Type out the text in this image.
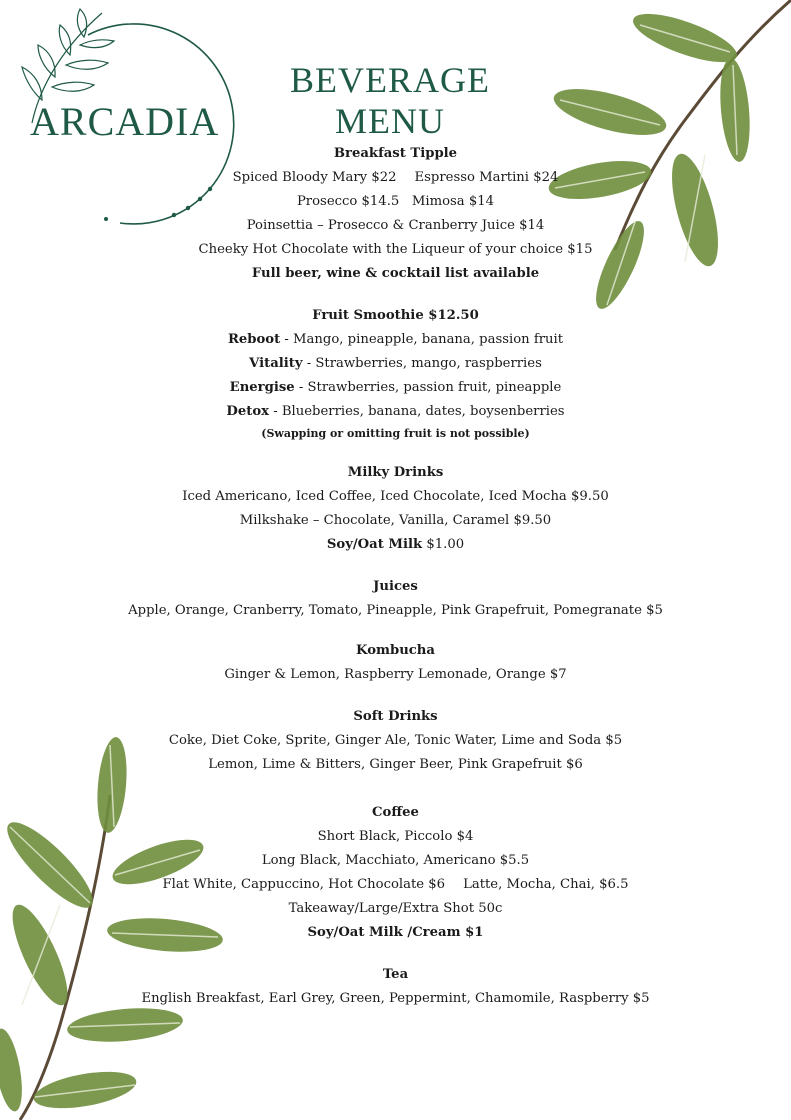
ARCADIA
BEVERAGE
MENU
Breakfast Tipple
Spiced Bloody Mary $22 Espresso Martini $24
Prosecco $14.5 Mimosa $14
Poinsettia – Prosecco & Cranberry Juice $14
Cheeky Hot Chocolate with the Liqueur of your choice $15
Full beer, wine & cocktail list available
Fruit Smoothie $12.50
Reboot - Mango, pineapple, banana, passion fruit
Vitality - Strawberries, mango, raspberries
Energise - Strawberries, passion fruit, pineapple
Detox - Blueberries, banana, dates, boysenberries
(Swapping or omitting fruit is not possible)
Milky Drinks
Iced Americano, Iced Coffee, Iced Chocolate, Iced Mocha $9.50
Milkshake – Chocolate, Vanilla, Caramel $9.50
Soy/Oat Milk $1.00
Juices
Apple, Orange, Cranberry, Tomato, Pineapple, Pink Grapefruit, Pomegranate $5
Kombucha
Ginger & Lemon, Raspberry Lemonade, Orange $7
Soft Drinks
Coke, Diet Coke, Sprite, Ginger Ale, Tonic Water, Lime and Soda $5
Lemon, Lime & Bitters, Ginger Beer, Pink Grapefruit $6
Coffee
Short Black, Piccolo $4
Long Black, Macchiato, Americano $5.5
Flat White, Cappuccino, Hot Chocolate $6 Latte, Mocha, Chai, $6.5
Takeaway/Large/Extra Shot 50c
Soy/Oat Milk /Cream $1
Tea
English Breakfast, Earl Grey, Green, Peppermint, Chamomile, Raspberry $5
